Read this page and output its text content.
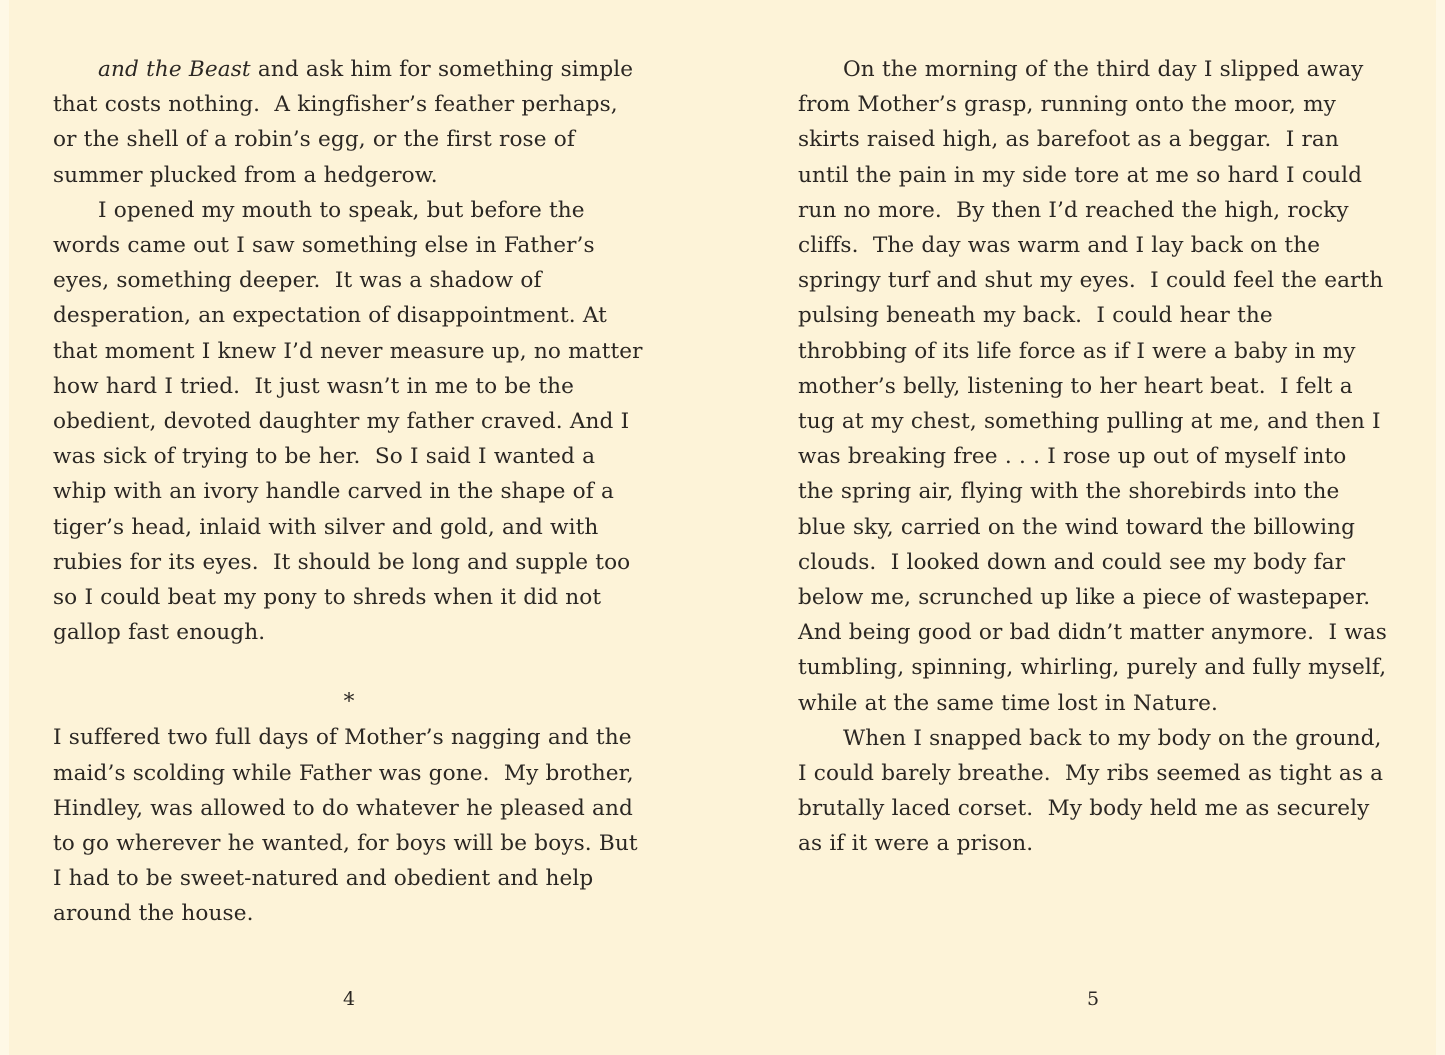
and the Beast and ask him for something simple that costs nothing.  A kingfisher’s feather perhaps, or the shell of a robin’s egg, or the first rose of summer plucked from a hedgerow.

I opened my mouth to speak, but before the words came out I saw something else in Father’s eyes, something deeper.  It was a shadow of desperation, an expectation of disappointment. At that moment I knew I’d never measure up, no matter how hard I tried.  It just wasn’t in me to be the obedient, devoted daughter my father craved. And I was sick of trying to be her.  So I said I wanted a whip with an ivory handle carved in the shape of a tiger’s head, inlaid with silver and gold, and with rubies for its eyes.  It should be long and supple too so I could beat my pony to shreds when it did not gallop fast enough.

*

I suffered two full days of Mother’s nagging and the maid’s scolding while Father was gone.  My brother, Hindley, was allowed to do whatever he pleased and to go wherever he wanted, for boys will be boys. But I had to be sweet-natured and obedient and help around the house.

4

On the morning of the third day I slipped away from Mother’s grasp, running onto the moor, my skirts raised high, as barefoot as a beggar.  I ran until the pain in my side tore at me so hard I could run no more.  By then I’d reached the high, rocky cliffs.  The day was warm and I lay back on the springy turf and shut my eyes.  I could feel the earth pulsing beneath my back.  I could hear the throbbing of its life force as if I were a baby in my mother’s belly, listening to her heart beat.  I felt a tug at my chest, something pulling at me, and then I was breaking free . . . I rose up out of myself into the spring air, flying with the shorebirds into the blue sky, carried on the wind toward the billowing clouds.  I looked down and could see my body far below me, scrunched up like a piece of wastepaper. And being good or bad didn’t matter anymore.  I was tumbling, spinning, whirling, purely and fully myself, while at the same time lost in Nature.

When I snapped back to my body on the ground, I could barely breathe.  My ribs seemed as tight as a brutally laced corset.  My body held me as securely as if it were a prison.

5
